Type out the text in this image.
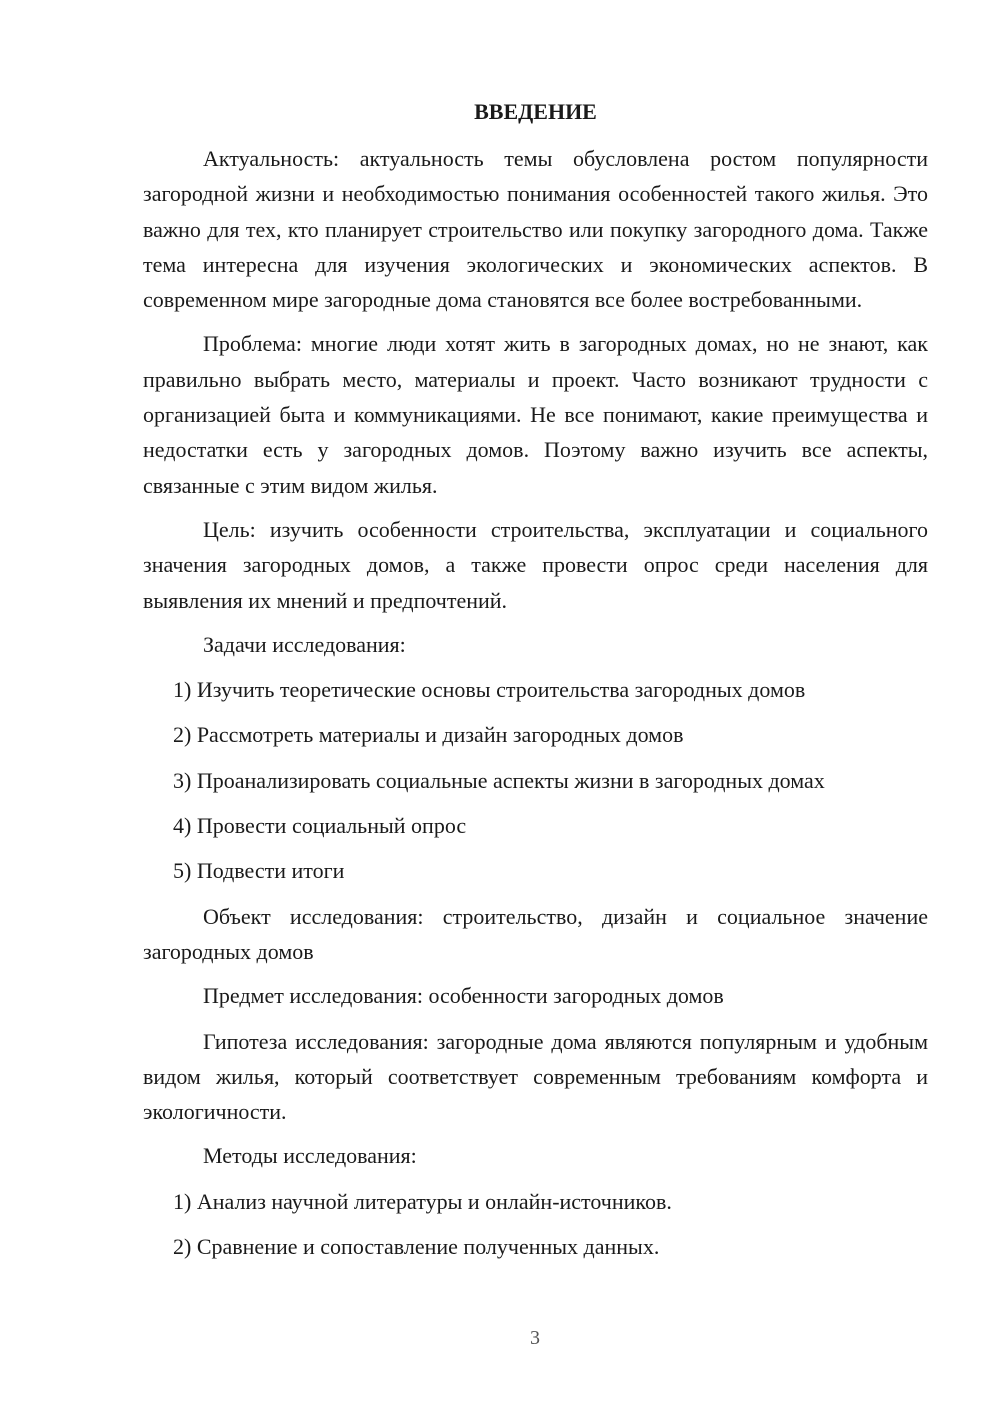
ВВЕДЕНИЕ

Актуальность: актуальность темы обусловлена ростом популярности загородной жизни и необходимостью понимания особенностей такого жилья. Это важно для тех, кто планирует строительство или покупку загородного дома. Также тема интересна для изучения экологических и экономических аспектов. В современном мире загородные дома становятся все более востребованными.

Проблема: многие люди хотят жить в загородных домах, но не знают, как правильно выбрать место, материалы и проект. Часто возникают трудности с организацией быта и коммуникациями. Не все понимают, какие преимущества и недостатки есть у загородных домов. Поэтому важно изучить все аспекты, связанные с этим видом жилья.

Цель: изучить особенности строительства, эксплуатации и социального значения загородных домов, а также провести опрос среди населения для выявления их мнений и предпочтений.

Задачи исследования:

1) Изучить теоретические основы строительства загородных домов

2) Рассмотреть материалы и дизайн загородных домов

3) Проанализировать социальные аспекты жизни в загородных домах

4) Провести социальный опрос

5) Подвести итоги

Объект исследования: строительство, дизайн и социальное значение загородных домов

Предмет исследования: особенности загородных домов

Гипотеза исследования: загородные дома являются популярным и удобным видом жилья, который соответствует современным требованиям комфорта и экологичности.

Методы исследования:

1) Анализ научной литературы и онлайн-источников.

2) Сравнение и сопоставление полученных данных.

3
